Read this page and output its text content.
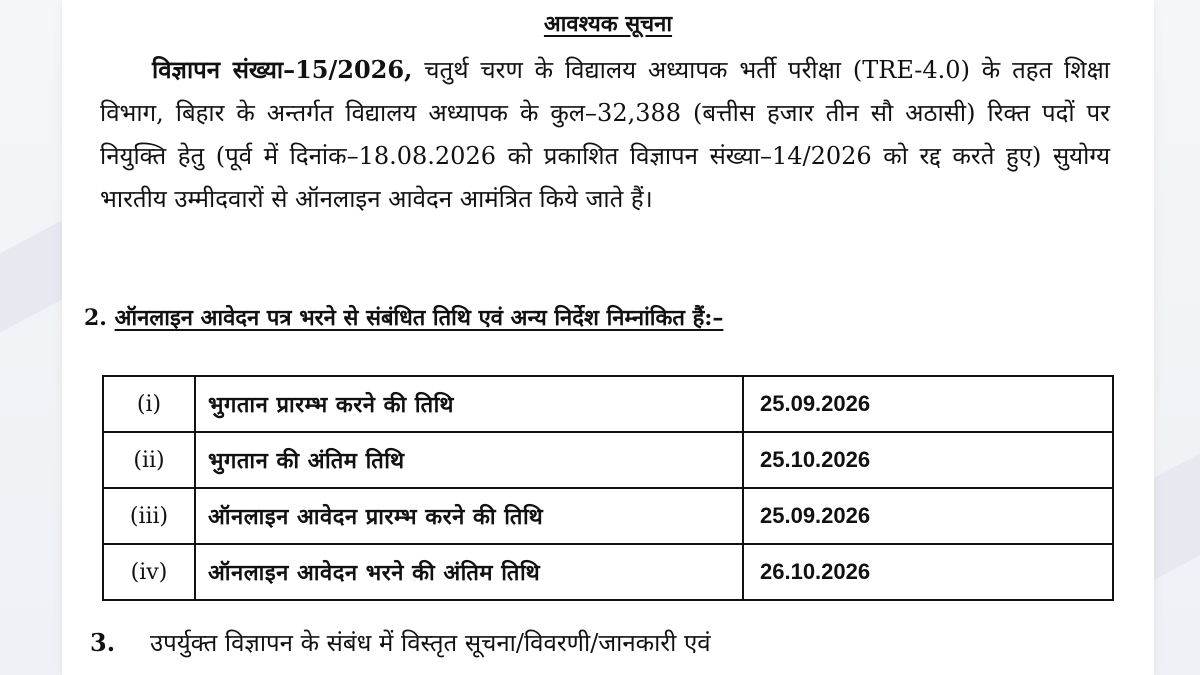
आवश्यक सूचना
विज्ञापन संख्या–15/2026, चतुर्थ चरण के विद्यालय अध्यापक भर्ती परीक्षा (TRE-4.0) के तहत शिक्षा विभाग, बिहार के अन्तर्गत विद्यालय अध्यापक के कुल–32,388 (बत्तीस हजार तीन सौ अठासी) रिक्त पदों पर नियुक्ति हेतु (पूर्व में दिनांक–18.08.2026 को प्रकाशित विज्ञापन संख्या–14/2026 को रद्द करते हुए) सुयोग्य भारतीय उम्मीदवारों से ऑनलाइन आवेदन आमंत्रित किये जाते हैं।
2. ऑनलाइन आवेदन पत्र भरने से संबंधित तिथि एवं अन्य निर्देश निम्नांकित हैं:–
(i)	भुगतान प्रारम्भ करने की तिथि	25.09.2026
(ii)	भुगतान की अंतिम तिथि	25.10.2026
(iii)	ऑनलाइन आवेदन प्रारम्भ करने की तिथि	25.09.2026
(iv)	ऑनलाइन आवेदन भरने की अंतिम तिथि	26.10.2026
3. उपर्युक्त विज्ञापन के संबंध में विस्तृत सूचना/विवरणी/जानकारी एवं
